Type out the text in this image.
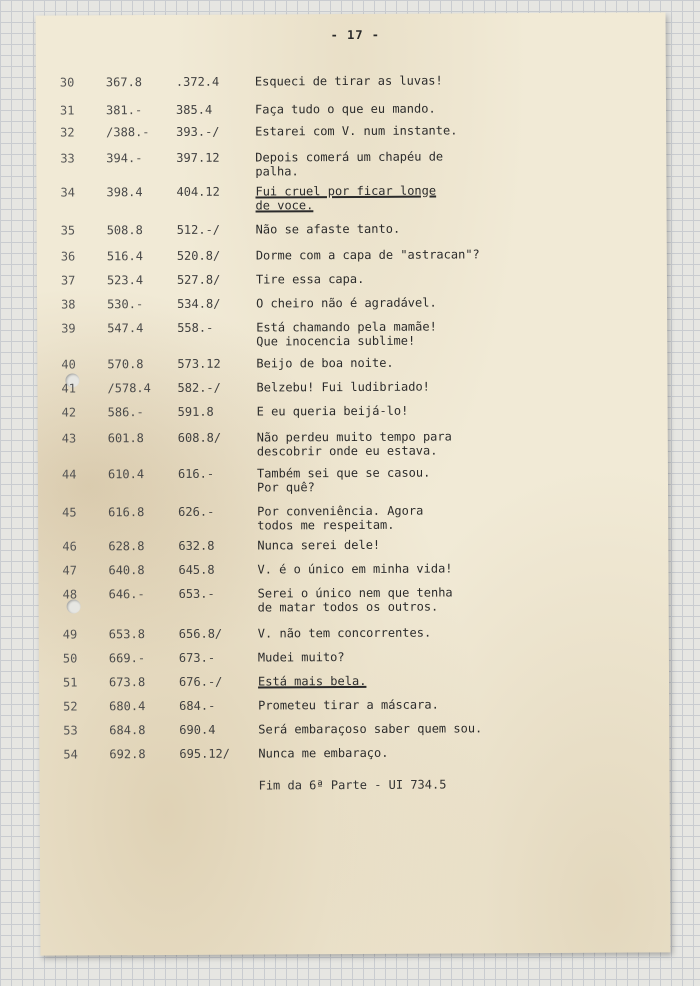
- 17 -
30	367.8	.372.4	Esqueci de tirar as luvas!
31	381.-	385.4	Faça tudo o que eu mando.
32	/388.-	393.-/	Estarei com V. num instante.
33	394.-	397.12	Depois comerá um chapéu de
palha.
34	398.4	404.12	Fui cruel por ficar longe
de voce.
35	508.8	512.-/	Não se afaste tanto.
36	516.4	520.8/	Dorme com a capa de "astracan"?
37	523.4	527.8/	Tire essa capa.
38	530.-	534.8/	O cheiro não é agradável.
39	547.4	558.-	Está chamando pela mamãe!
Que inocencia sublime!
40	570.8	573.12	Beijo de boa noite.
41	/578.4	582.-/	Belzebu! Fui ludibriado!
42	586.-	591.8	E eu queria beijá-lo!
43	601.8	608.8/	Não perdeu muito tempo para
descobrir onde eu estava.
44	610.4	616.-	Também sei que se casou.
Por quê?
45	616.8	626.-	Por conveniência. Agora
todos me respeitam.
46	628.8	632.8	Nunca serei dele!
47	640.8	645.8	V. é o único em minha vida!
48	646.-	653.-	Serei o único nem que tenha
de matar todos os outros.
49	653.8	656.8/	V. não tem concorrentes.
50	669.-	673.-	Mudei muito?
51	673.8	676.-/	Está mais bela.
52	680.4	684.-	Prometeu tirar a máscara.
53	684.8	690.4	Será embaraçoso saber quem sou.
54	692.8	695.12/	Nunca me embaraço.
Fim da 6ª Parte - UI 734.5
